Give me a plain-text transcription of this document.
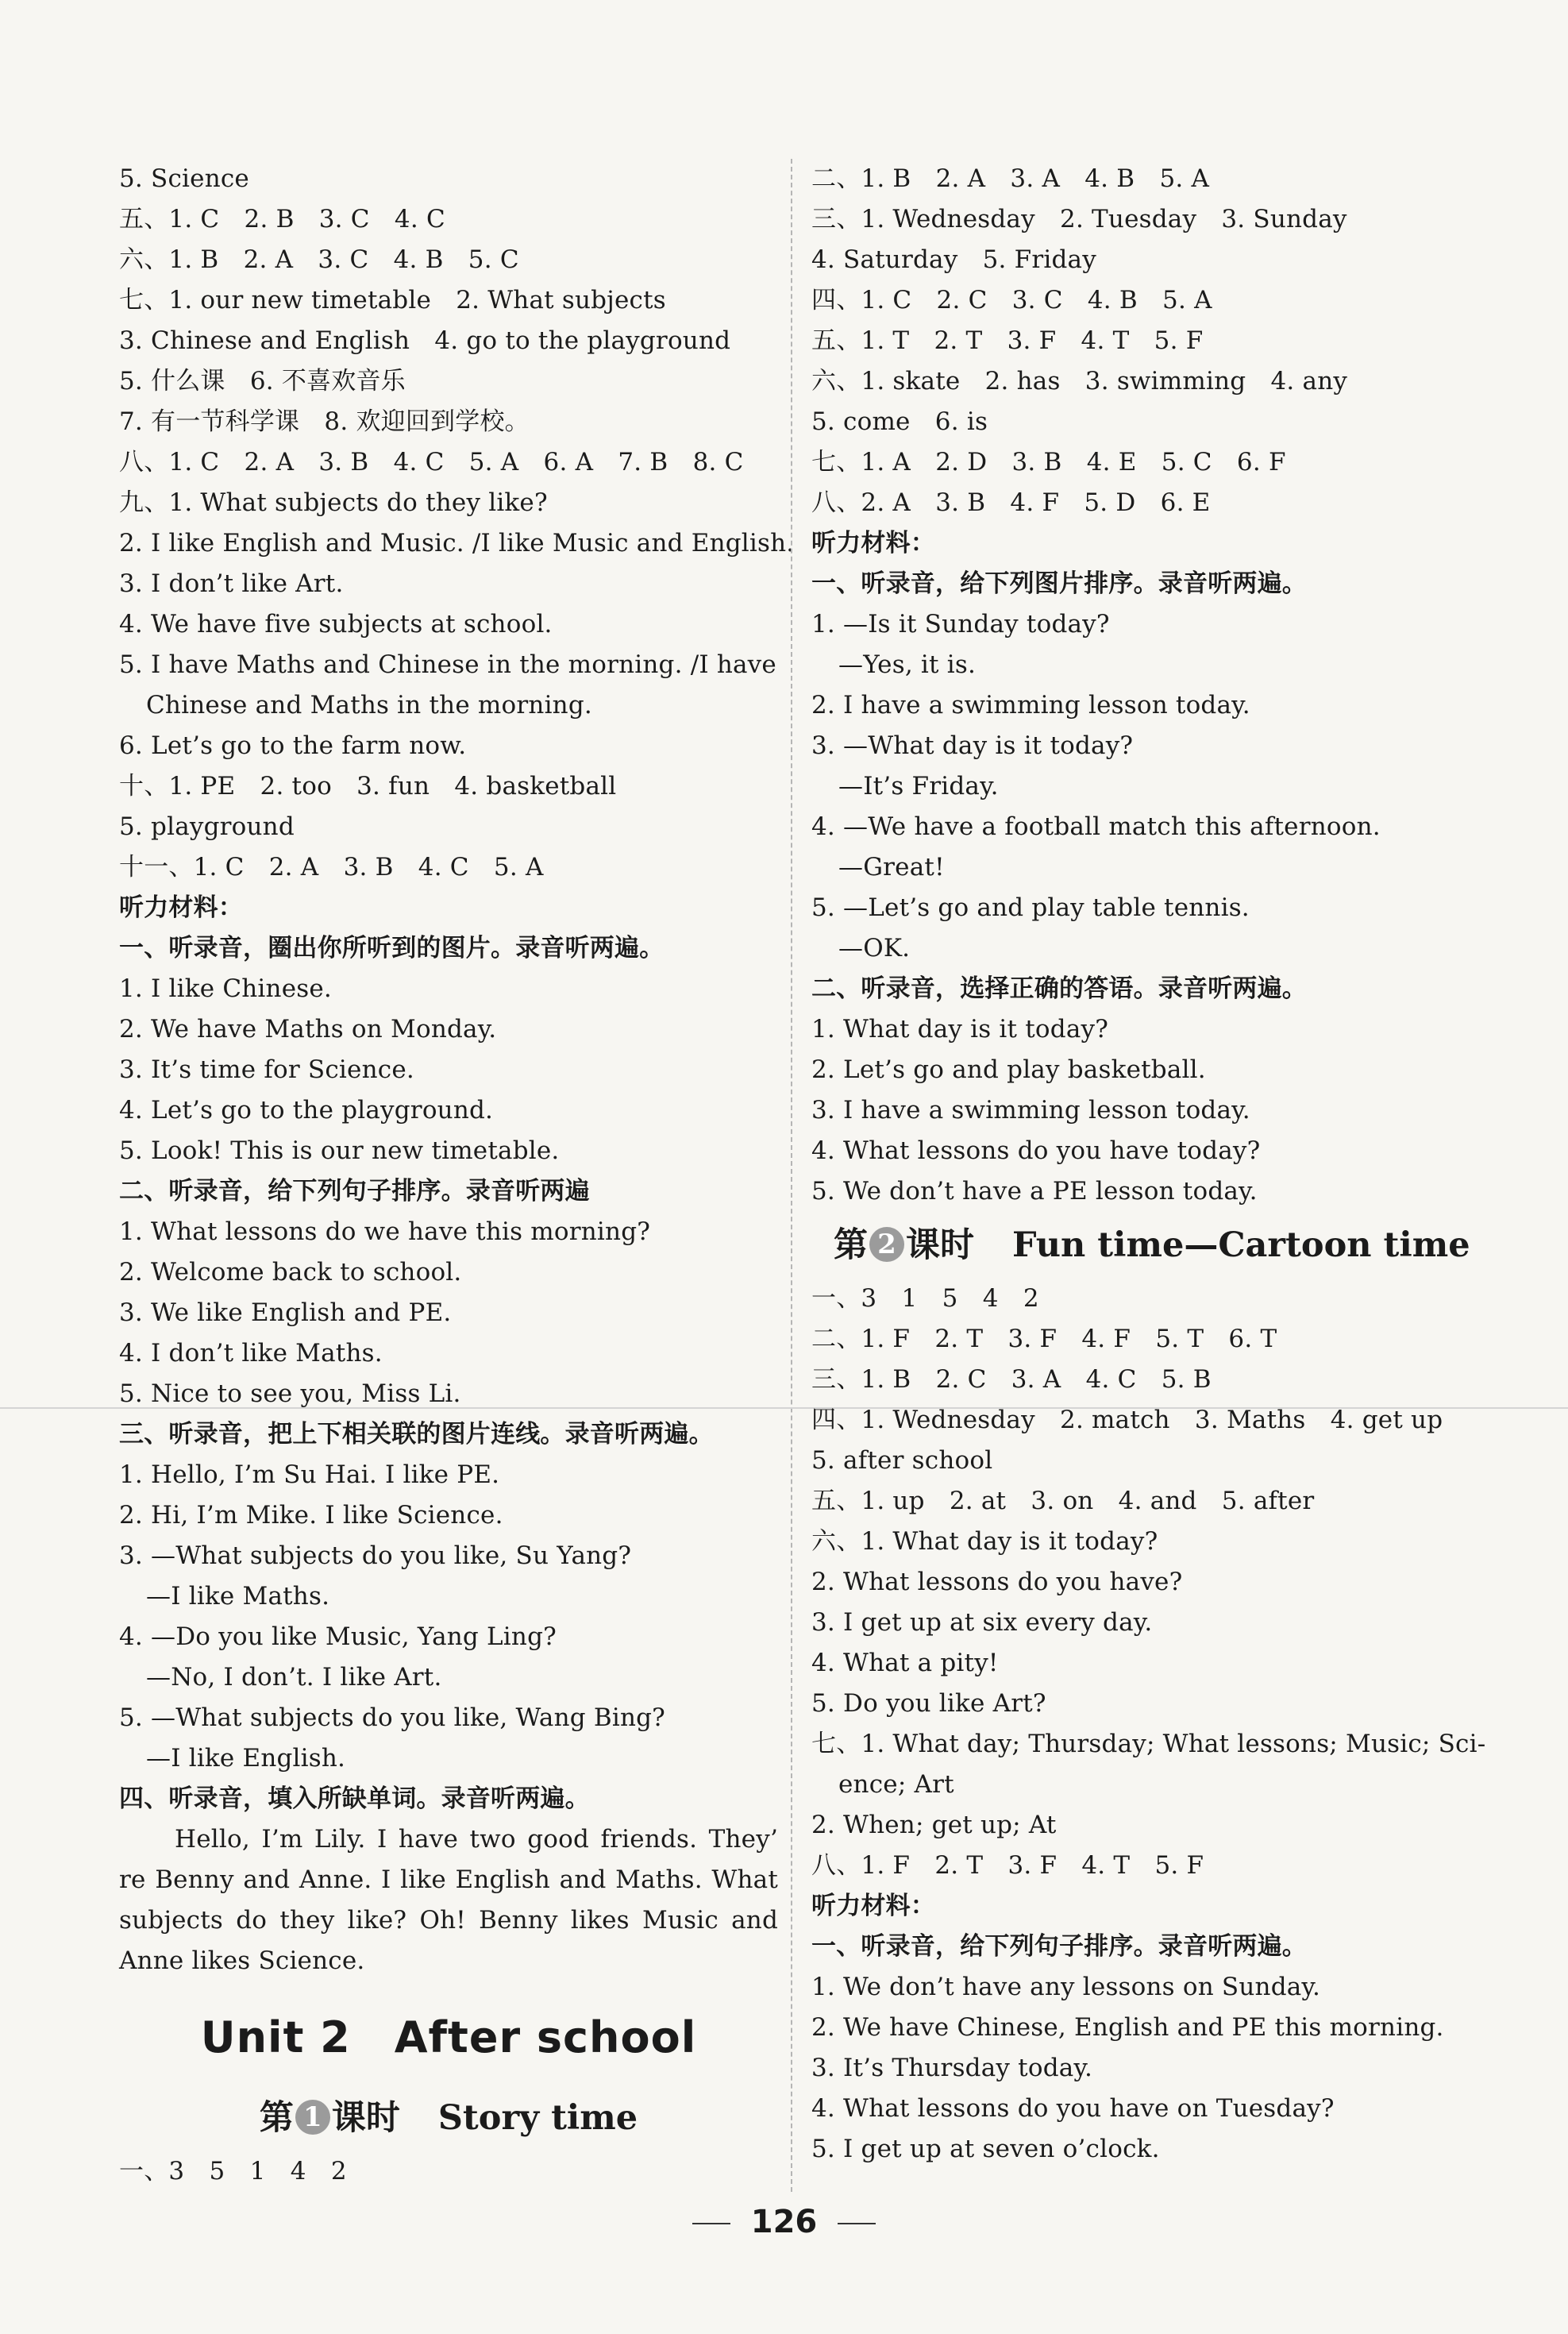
5. Science
五、1. C　2. B　3. C　4. C
六、1. B　2. A　3. C　4. B　5. C
七、1. our new timetable　2. What subjects
3. Chinese and English　4. go to the playground
5. 什么课　6. 不喜欢音乐
7. 有一节科学课　8. 欢迎回到学校。
八、1. C　2. A　3. B　4. C　5. A　6. A　7. B　8. C
九、1. What subjects do they like?
2. I like English and Music. /I like Music and English.
3. I don’t like Art.
4. We have five subjects at school.
5. I have Maths and Chinese in the morning. /I have
Chinese and Maths in the morning.
6. Let’s go to the farm now.
十、1. PE　2. too　3. fun　4. basketball
5. playground
十一、1. C　2. A　3. B　4. C　5. A
听力材料：
一、听录音，圈出你所听到的图片。录音听两遍。
1. I like Chinese.
2. We have Maths on Monday.
3. It’s time for Science.
4. Let’s go to the playground.
5. Look! This is our new timetable.
二、听录音，给下列句子排序。录音听两遍
1. What lessons do we have this morning?
2. Welcome back to school.
3. We like English and PE.
4. I don’t like Maths.
5. Nice to see you, Miss Li.
三、听录音，把上下相关联的图片连线。录音听两遍。
1. Hello, I’m Su Hai. I like PE.
2. Hi, I’m Mike. I like Science.
3. —What subjects do you like, Su Yang?
—I like Maths.
4. —Do you like Music, Yang Ling?
—No, I don’t. I like Art.
5. —What subjects do you like, Wang Bing?
—I like English.
四、听录音，填入所缺单词。录音听两遍。
Hello, I’m Lily. I have two good friends. They’
re Benny and Anne. I like English and Maths. What
subjects do they like? Oh! Benny likes Music and
Anne likes Science.
Unit 2　After school
第 1 课时 Story time
一、3　5　1　4　2
二、1. B　2. A　3. A　4. B　5. A
三、1. Wednesday　2. Tuesday　3. Sunday
4. Saturday　5. Friday
四、1. C　2. C　3. C　4. B　5. A
五、1. T　2. T　3. F　4. T　5. F
六、1. skate　2. has　3. swimming　4. any
5. come　6. is
七、1. A　2. D　3. B　4. E　5. C　6. F
八、2. A　3. B　4. F　5. D　6. E
听力材料：
一、听录音，给下列图片排序。录音听两遍。
1. —Is it Sunday today?
—Yes, it is.
2. I have a swimming lesson today.
3. —What day is it today?
—It’s Friday.
4. —We have a football match this afternoon.
—Great!
5. —Let’s go and play table tennis.
—OK.
二、听录音，选择正确的答语。录音听两遍。
1. What day is it today?
2. Let’s go and play basketball.
3. I have a swimming lesson today.
4. What lessons do you have today?
5. We don’t have a PE lesson today.
第 2 课时 Fun time—Cartoon time
一、3　1　5　4　2
二、1. F　2. T　3. F　4. F　5. T　6. T
三、1. B　2. C　3. A　4. C　5. B
四、1. Wednesday　2. match　3. Maths　4. get up
5. after school
五、1. up　2. at　3. on　4. and　5. after
六、1. What day is it today?
2. What lessons do you have?
3. I get up at six every day.
4. What a pity!
5. Do you like Art?
七、1. What day; Thursday; What lessons; Music; Sci-
ence; Art
2. When; get up; At
八、1. F　2. T　3. F　4. T　5. F
听力材料：
一、听录音，给下列句子排序。录音听两遍。
1. We don’t have any lessons on Sunday.
2. We have Chinese, English and PE this morning.
3. It’s Thursday today.
4. What lessons do you have on Tuesday?
5. I get up at seven o’clock.
126
